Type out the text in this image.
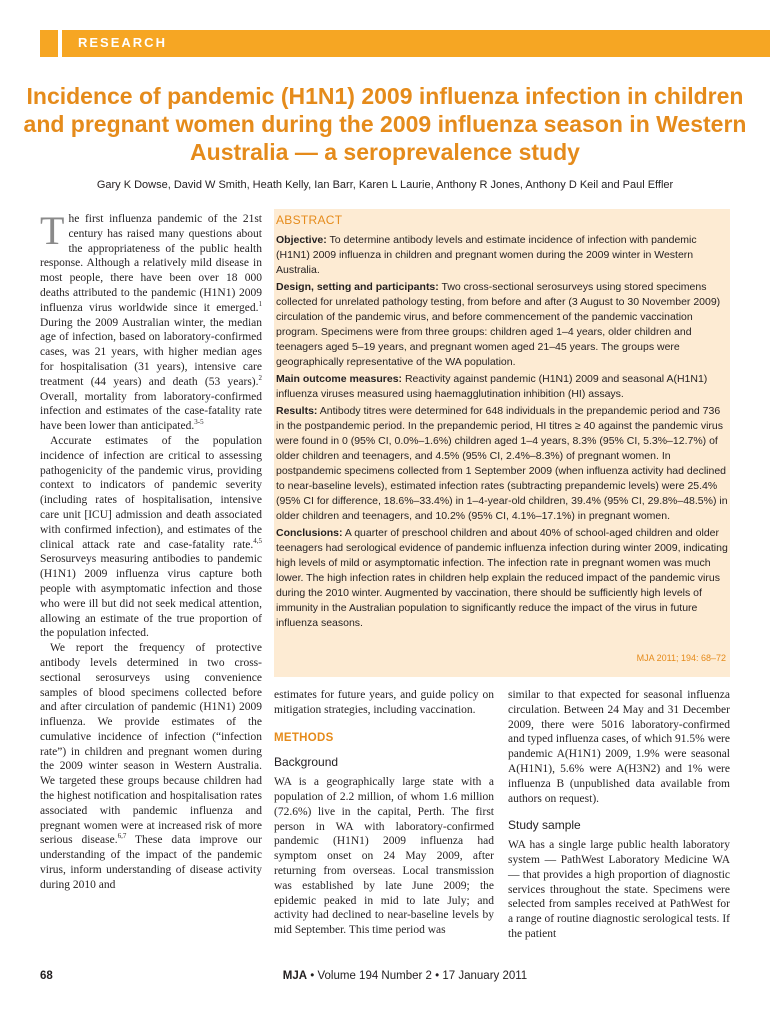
RESEARCH
Incidence of pandemic (H1N1) 2009 influenza infection in children and pregnant women during the 2009 influenza season in Western Australia — a seroprevalence study
Gary K Dowse, David W Smith, Heath Kelly, Ian Barr, Karen L Laurie, Anthony R Jones, Anthony D Keil and Paul Effler

The first influenza pandemic of the 21st century has raised many questions about the appropriateness of the public health response. Although a relatively mild disease in most people, there have been over 18 000 deaths attributed to the pandemic (H1N1) 2009 influenza virus worldwide since it emerged.$^1$ During the 2009 Australian winter, the median age of infection, based on laboratory-confirmed cases, was 21 years, with higher median ages for hospitalisation (31 years), intensive care treatment (44 years) and death (53 years).$^2$ Overall, mortality from laboratory-confirmed infection and estimates of the case-fatality rate have been lower than anticipated.$^{3-5}$

Accurate estimates of the population incidence of infection are critical to assessing pathogenicity of the pandemic virus, providing context to indicators of pandemic severity (including rates of hospitalisation, intensive care unit [ICU] admission and death associated with confirmed infection), and estimates of the clinical attack rate and case-fatality rate.$^{4,5}$ Serosurveys measuring antibodies to pandemic (H1N1) 2009 influenza virus capture both people with asymptomatic infection and those who were ill but did not seek medical attention, allowing an estimate of the true proportion of the population infected.

We report the frequency of protective antibody levels determined in two cross-sectional serosurveys using convenience samples of blood specimens collected before and after circulation of pandemic (H1N1) 2009 influenza. We provide estimates of the cumulative incidence of infection (“infection rate”) in children and pregnant women during the 2009 winter season in Western Australia. We targeted these groups because children had the highest notification and hospitalisation rates associated with pandemic influenza and pregnant women were at increased risk of more serious disease.$^{6,7}$ These data improve our understanding of the impact of the pandemic virus, inform understanding of disease activity during 2010 and

ABSTRACT

Objective: To determine antibody levels and estimate incidence of infection with pandemic (H1N1) 2009 influenza in children and pregnant women during the 2009 winter in Western Australia.

Design, setting and participants: Two cross-sectional serosurveys using stored specimens collected for unrelated pathology testing, from before and after (3 August to 30 November 2009) circulation of the pandemic virus, and before commencement of the pandemic vaccination program. Specimens were from three groups: children aged 1–4 years, older children and teenagers aged 5–19 years, and pregnant women aged 21–45 years. The groups were geographically representative of the WA population.

Main outcome measures: Reactivity against pandemic (H1N1) 2009 and seasonal A(H1N1) influenza viruses measured using haemagglutination inhibition (HI) assays.

Results: Antibody titres were determined for 648 individuals in the prepandemic period and 736 in the postpandemic period. In the prepandemic period, HI titres ≥ 40 against the pandemic virus were found in 0 (95% CI, 0.0%–1.6%) children aged 1–4 years, 8.3% (95% CI, 5.3%–12.7%) of older children and teenagers, and 4.5% (95% CI, 2.4%–8.3%) of pregnant women. In postpandemic specimens collected from 1 September 2009 (when influenza activity had declined to near-baseline levels), estimated infection rates (subtracting prepandemic levels) were 25.4% (95% CI for difference, 18.6%–33.4%) in 1–4-year-old children, 39.4% (95% CI, 29.8%–48.5%) in older children and teenagers, and 10.2% (95% CI, 4.1%–17.1%) in pregnant women.

Conclusions: A quarter of preschool children and about 40% of school-aged children and older teenagers had serological evidence of pandemic influenza infection during winter 2009, indicating high levels of mild or asymptomatic infection. The infection rate in pregnant women was much lower. The high infection rates in children help explain the reduced impact of the pandemic virus during the 2010 winter. Augmented by vaccination, there should be sufficiently high levels of immunity in the Australian population to significantly reduce the impact of the virus in future influenza seasons.

MJA 2011; 194: 68–72

estimates for future years, and guide policy on mitigation strategies, including vaccination.

METHODS
Background

WA is a geographically large state with a population of 2.2 million, of whom 1.6 million (72.6%) live in the capital, Perth. The first person in WA with laboratory-confirmed pandemic (H1N1) 2009 influenza had symptom onset on 24 May 2009, after returning from overseas. Local transmission was established by late June 2009; the epidemic peaked in mid to late July; and activity had declined to near-baseline levels by mid September. This time period was

similar to that expected for seasonal influenza circulation. Between 24 May and 31 December 2009, there were 5016 laboratory-confirmed and typed influenza cases, of which 91.5% were pandemic A(H1N1) 2009, 1.9% were seasonal A(H1N1), 5.6% were A(H3N2) and 1% were influenza B (unpublished data available from authors on request).

Study sample

WA has a single large public health laboratory system — PathWest Laboratory Medicine WA — that provides a high proportion of diagnostic services throughout the state. Specimens were selected from samples received at PathWest for a range of routine diagnostic serological tests. If the patient

68	MJA • Volume 194 Number 2 • 17 January 2011
